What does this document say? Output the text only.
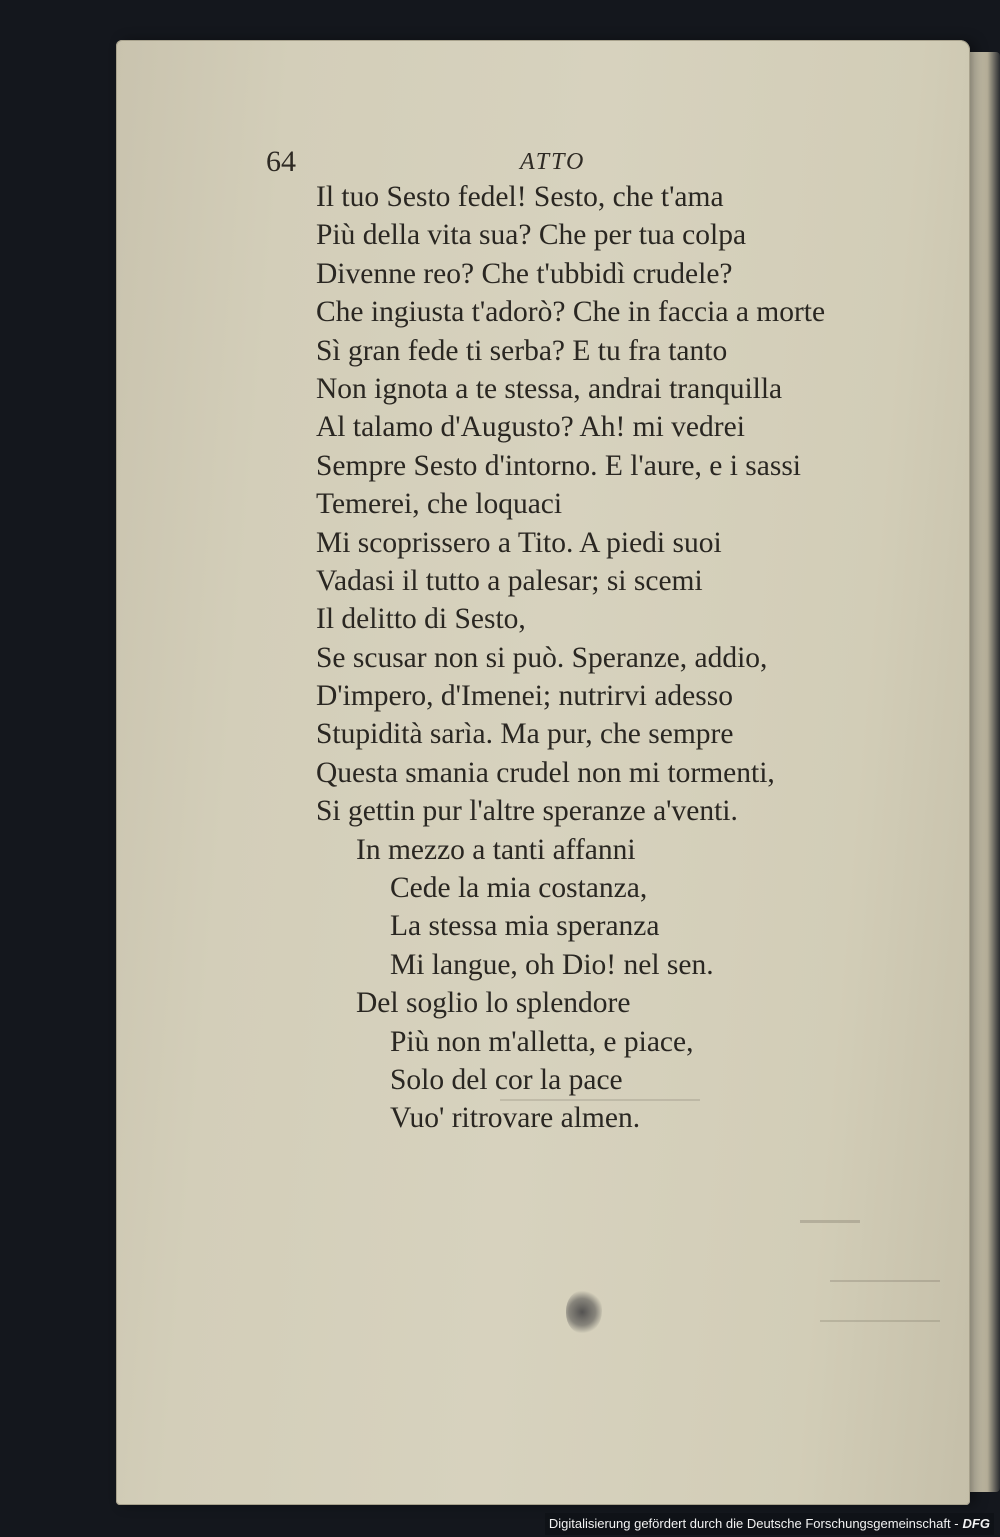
64	ATTO
Il tuo Sesto fedel! Sesto, che t'ama
Più della vita sua? Che per tua colpa
Divenne reo? Che t'ubbidì crudele?
Che ingiusta t'adorò? Che in faccia a morte
Sì gran fede ti serba? E tu fra tanto
Non ignota a te stessa, andrai tranquilla
Al talamo d'Augusto? Ah! mi vedrei
Sempre Sesto d'intorno. E l'aure, e i sassi
Temerei, che loquaci
Mi scoprissero a Tito. A piedi suoi
Vadasi il tutto a palesar; si scemi
Il delitto di Sesto,
Se scusar non si può. Speranze, addio,
D'impero, d'Imenei; nutrirvi adesso
Stupidità sarìa. Ma pur, che sempre
Questa smania crudel non mi tormenti,
Si gettin pur l'altre speranze a'venti.
In mezzo a tanti affanni
Cede la mia costanza,
La stessa mia speranza
Mi langue, oh Dio! nel sen.
Del soglio lo splendore
Più non m'alletta, e piace,
Solo del cor la pace
Vuo' ritrovare almen.
Digitalisierung gefördert durch die Deutsche Forschungsgemeinschaft - DFG
